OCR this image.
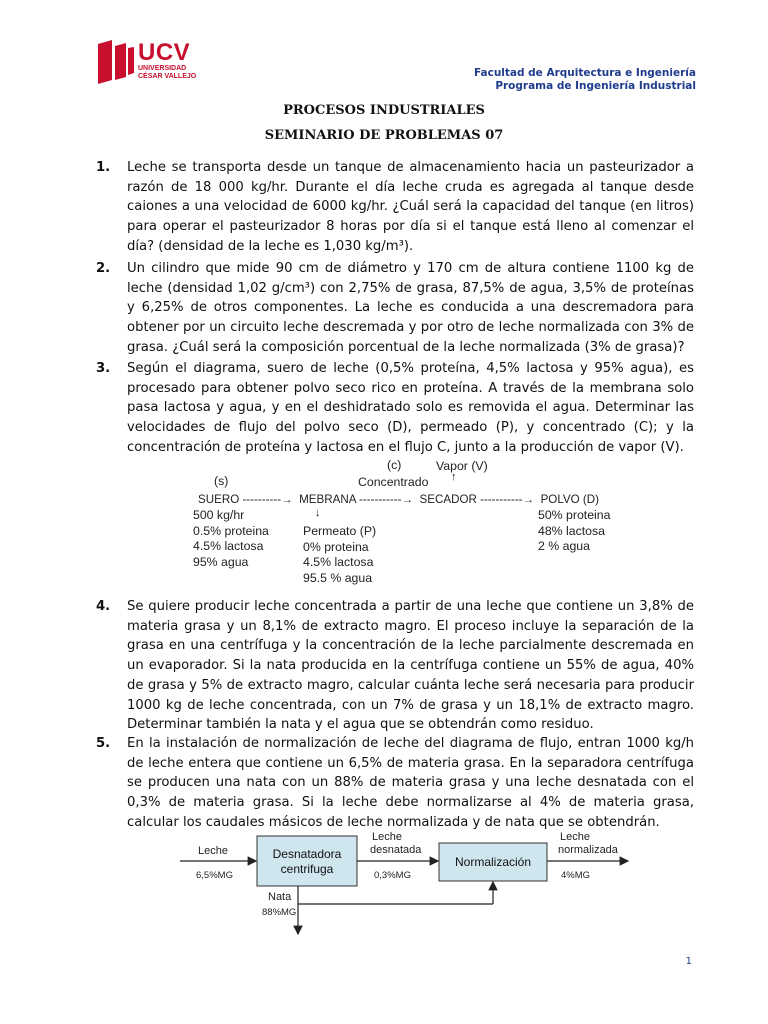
UCV
UNIVERSIDAD
CÉSAR VALLEJO	Facultad de Arquitectura e Ingeniería
Programa de Ingeniería Industrial
PROCESOS INDUSTRIALES
SEMINARIO DE PROBLEMAS 07
1.	Leche se transporta desde un tanque de almacenamiento hacia un pasteurizador a razón de 18 000 kg/hr. Durante el día leche cruda es agregada al tanque desde caiones a una velocidad de 6000 kg/hr. ¿Cuál será la capacidad del tanque (en litros) para operar el pasteurizador 8 horas por día si el tanque está lleno al comenzar el día? (densidad de la leche es 1,030 kg/m³).
2.	Un cilindro que mide 90 cm de diámetro y 170 cm de altura contiene 1100 kg de leche (densidad 1,02 g/cm³) con 2,75% de grasa, 87,5% de agua, 3,5% de proteínas y 6,25% de otros componentes. La leche es conducida a una descremadora para obtener por un circuito leche descremada y por otro de leche normalizada con 3% de grasa. ¿Cuál será la composición porcentual de la leche normalizada (3% de grasa)?
3.	Según el diagrama, suero de leche (0,5% proteína, 4,5% lactosa y 95% agua), es procesado para obtener polvo seco rico en proteína. A través de la membrana solo pasa lactosa y agua, y en el deshidratado solo es removida el agua. Determinar las velocidades de flujo del polvo seco (D), permeado (P), y concentrado (C); y la concentración de proteína y lactosa en el flujo C, junto a la producción de vapor (V).
(c)	Vapor (V)
(s)	Concentrado ↑
SUERO ----------→  MEBRANA -----------→  SECADOR -----------→  POLVO (D)
500 kg/hr
0.5% proteina
4.5% lactosa
95% agua
↓
Permeato (P)
0% proteina
4.5% lactosa
95.5 % agua
50% proteina
48% lactosa
2 % agua
4.	Se quiere producir leche concentrada a partir de una leche que contiene un 3,8% de materia grasa y un 8,1% de extracto magro. El proceso incluye la separación de la grasa en una centrífuga y la concentración de la leche parcialmente descremada en un evaporador. Si la nata producida en la centrífuga contiene un 55% de agua, 40% de grasa y 5% de extracto magro, calcular cuánta leche será necesaria para producir 1000 kg de leche concentrada, con un 7% de grasa y un 18,1% de extracto magro. Determinar también la nata y el agua que se obtendrán como residuo.
5.	En la instalación de normalización de leche del diagrama de flujo, entran 1000 kg/h de leche entera que contiene un 6,5% de materia grasa. En la separadora centrífuga se producen una nata con un 88% de materia grasa y una leche desnatada con el 0,3% de materia grasa. Si la leche debe normalizarse al 4% de materia grasa, calcular los caudales másicos de leche normalizada y de nata que se obtendrán.
Leche
6,5%MG
Desnatadora
centrifuga
Leche
desnatada
0,3%MG
Normalización
Leche
normalizada
4%MG
Nata
88%MG
1
